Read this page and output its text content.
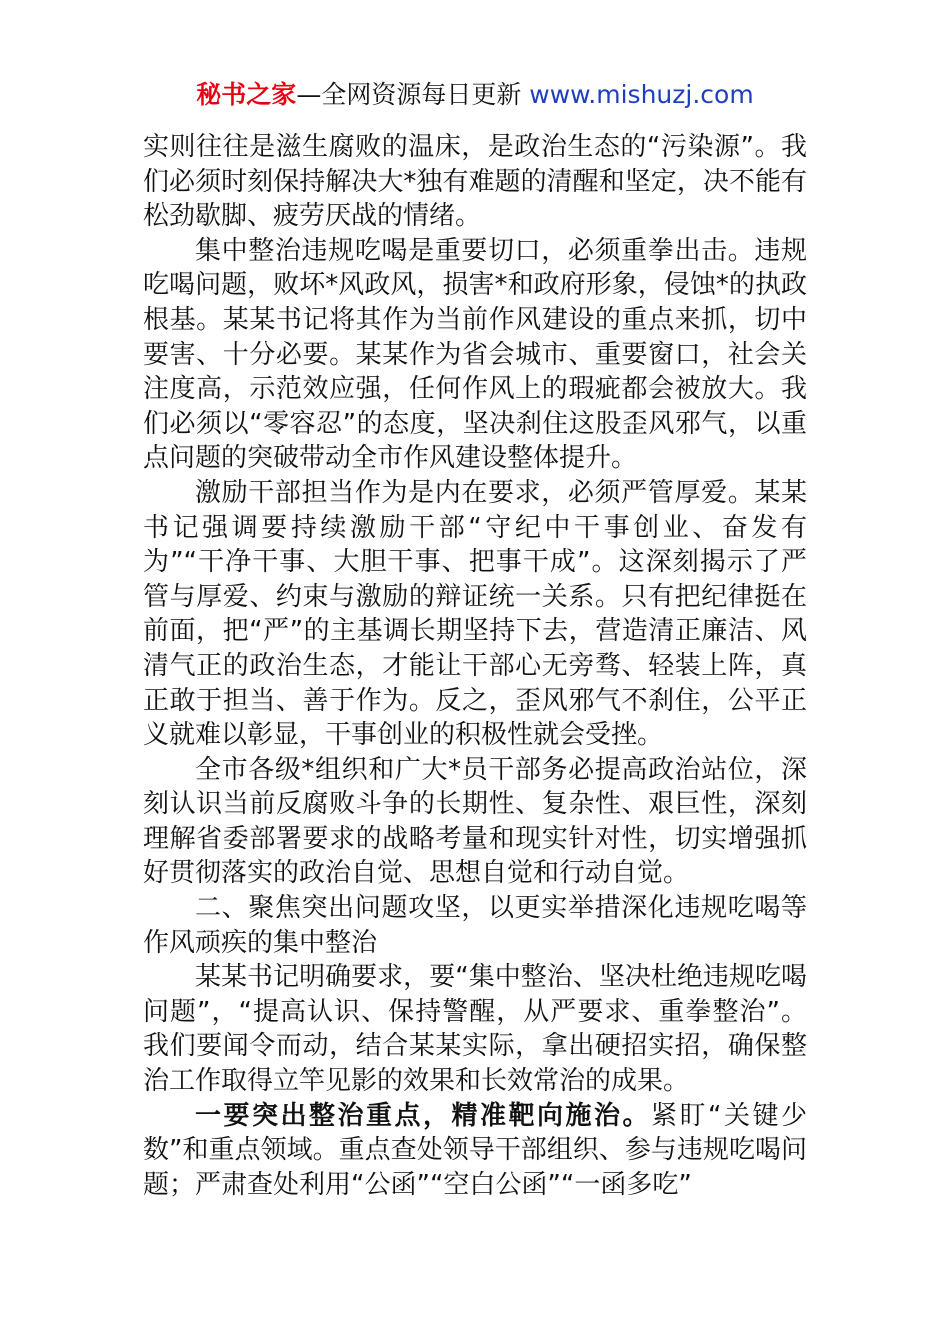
秘书之家—全网资源每日更新 www.mishuzj.com

实则往往是滋生腐败的温床，是政治生态的“污染源”。我们必须时刻保持解决大*独有难题的清醒和坚定，决不能有松劲歇脚、疲劳厌战的情绪。

集中整治违规吃喝是重要切口，必须重拳出击。违规吃喝问题，败坏*风政风，损害*和政府形象，侵蚀*的执政根基。某某书记将其作为当前作风建设的重点来抓，切中要害、十分必要。某某作为省会城市、重要窗口，社会关注度高，示范效应强，任何作风上的瑕疵都会被放大。我们必须以“零容忍”的态度，坚决刹住这股歪风邪气，以重点问题的突破带动全市作风建设整体提升。

激励干部担当作为是内在要求，必须严管厚爱。某某书记强调要持续激励干部“守纪中干事创业、奋发有为”“干净干事、大胆干事、把事干成”。这深刻揭示了严管与厚爱、约束与激励的辩证统一关系。只有把纪律挺在前面，把“严”的主基调长期坚持下去，营造清正廉洁、风清气正的政治生态，才能让干部心无旁骛、轻装上阵，真正敢于担当、善于作为。反之，歪风邪气不刹住，公平正义就难以彰显，干事创业的积极性就会受挫。

全市各级*组织和广大*员干部务必提高政治站位，深刻认识当前反腐败斗争的长期性、复杂性、艰巨性，深刻理解省委部署要求的战略考量和现实针对性，切实增强抓好贯彻落实的政治自觉、思想自觉和行动自觉。

二、聚焦突出问题攻坚，以更实举措深化违规吃喝等作风顽疾的集中整治

某某书记明确要求，要“集中整治、坚决杜绝违规吃喝问题”，“提高认识、保持警醒，从严要求、重拳整治”。我们要闻令而动，结合某某实际，拿出硬招实招，确保整治工作取得立竿见影的效果和长效常治的成果。

一要突出整治重点，精准靶向施治。紧盯“关键少数”和重点领域。重点查处领导干部组织、参与违规吃喝问题；严肃查处利用“公函”“空白公函”“一函多吃”
